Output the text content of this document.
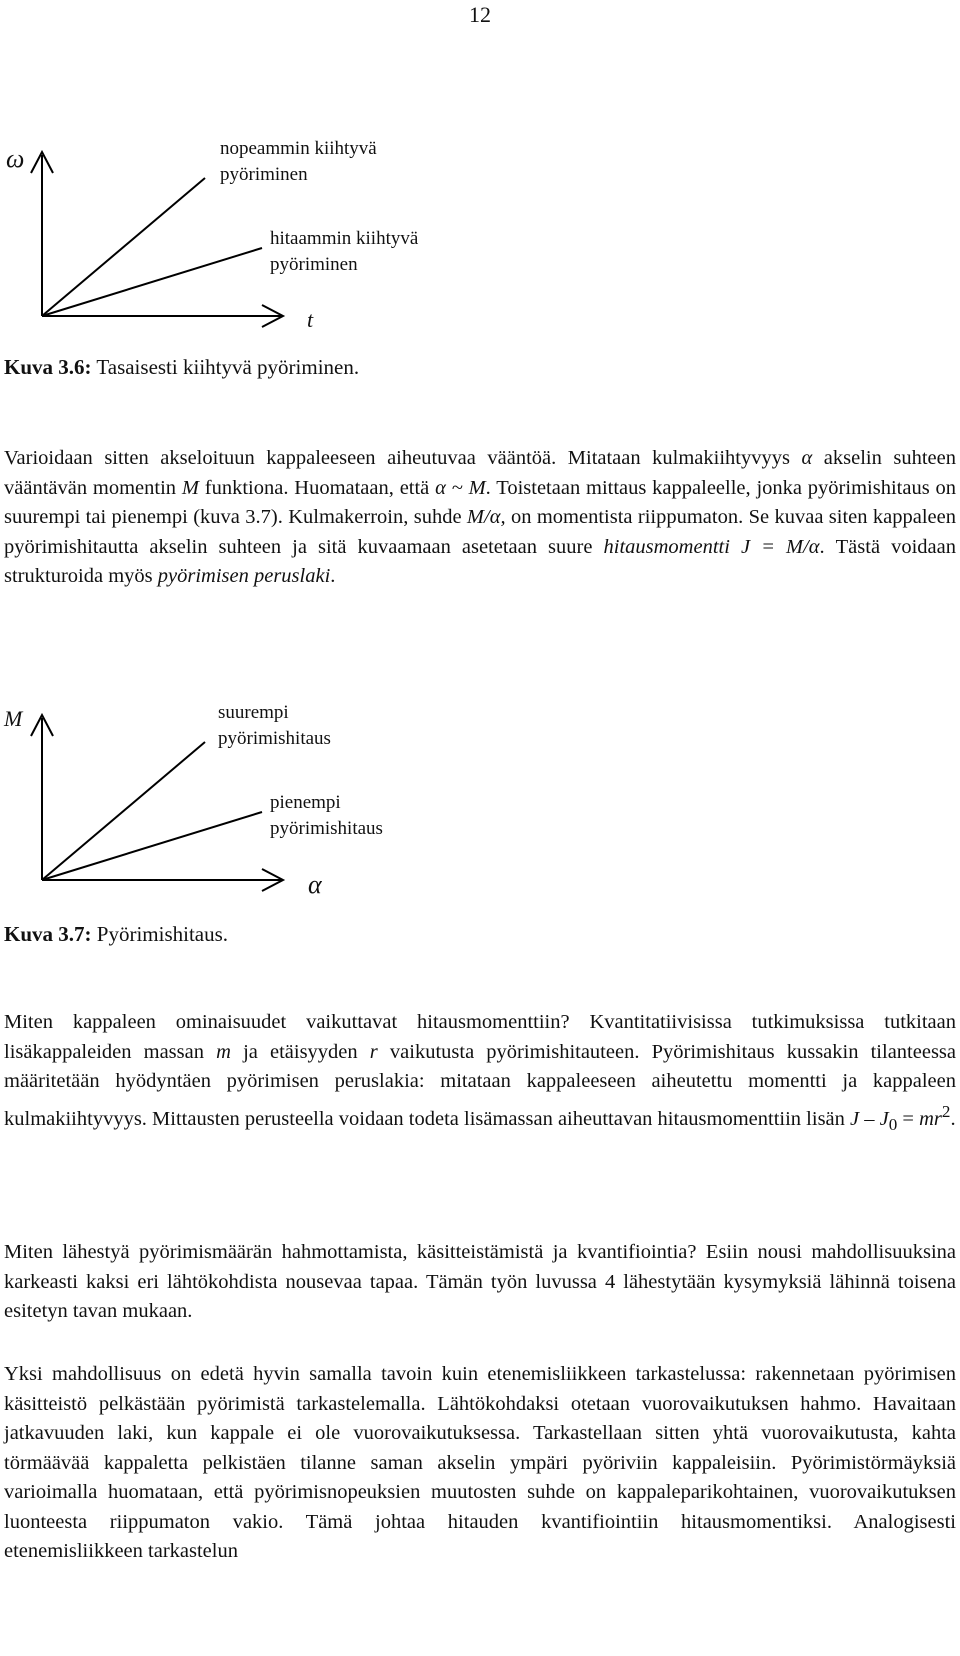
12
ω
t
nopeammin kiihtyvä
pyöriminen
hitaammin kiihtyvä
pyöriminen
Kuva 3.6: Tasaisesti kiihtyvä pyöriminen.
Varioidaan sitten akseloituun kappaleeseen aiheutuvaa vääntöä. Mitataan kulmakiihtyvyys α akselin suhteen vääntävän momentin M funktiona. Huomataan, että α ~ M. Toistetaan mittaus kappaleelle, jonka pyörimishitaus on suurempi tai pienempi (kuva 3.7). Kulmakerroin, suhde M/α, on momentista riippumaton. Se kuvaa siten kappaleen pyörimishitautta akselin suhteen ja sitä kuvaamaan asetetaan suure hitausmomentti J = M/α. Tästä voidaan strukturoida myös pyörimisen peruslaki.
M
α
suurempi
pyörimishitaus
pienempi
pyörimishitaus
Kuva 3.7: Pyörimishitaus.
Miten kappaleen ominaisuudet vaikuttavat hitausmomenttiin? Kvantitatiivisissa tutkimuksissa tutkitaan lisäkappaleiden massan m ja etäisyyden r vaikutusta pyörimishitauteen. Pyörimishitaus kussakin tilanteessa määritetään hyödyntäen pyörimisen peruslakia: mitataan kappaleeseen aiheutettu momentti ja kappaleen kulmakiihtyvyys. Mittausten perusteella voidaan todeta lisämassan aiheuttavan hitausmomenttiin lisän $J - J_0 = mr^2$.
Miten lähestyä pyörimismäärän hahmottamista, käsitteistämistä ja kvantifiointia? Esiin nousi mahdollisuuksina karkeasti kaksi eri lähtökohdista nousevaa tapaa. Tämän työn luvussa 4 lähestytään kysymyksiä lähinnä toisena esitetyn tavan mukaan.
Yksi mahdollisuus on edetä hyvin samalla tavoin kuin etenemisliikkeen tarkastelussa: rakennetaan pyörimisen käsitteistö pelkästään pyörimistä tarkastelemalla. Lähtökohdaksi otetaan vuorovaikutuksen hahmo. Havaitaan jatkavuuden laki, kun kappale ei ole vuorovaikutuksessa. Tarkastellaan sitten yhtä vuorovaikutusta, kahta törmäävää kappaletta pelkistäen tilanne saman akselin ympäri pyöriviin kappaleisiin. Pyörimistörmäyksiä varioimalla huomataan, että pyörimisnopeuksien muutosten suhde on kappaleparikohtainen, vuorovaikutuksen luonteesta riippumaton vakio. Tämä johtaa hitauden kvantifiointiin hitausmomentiksi. Analogisesti etenemisliikkeen tarkastelun
